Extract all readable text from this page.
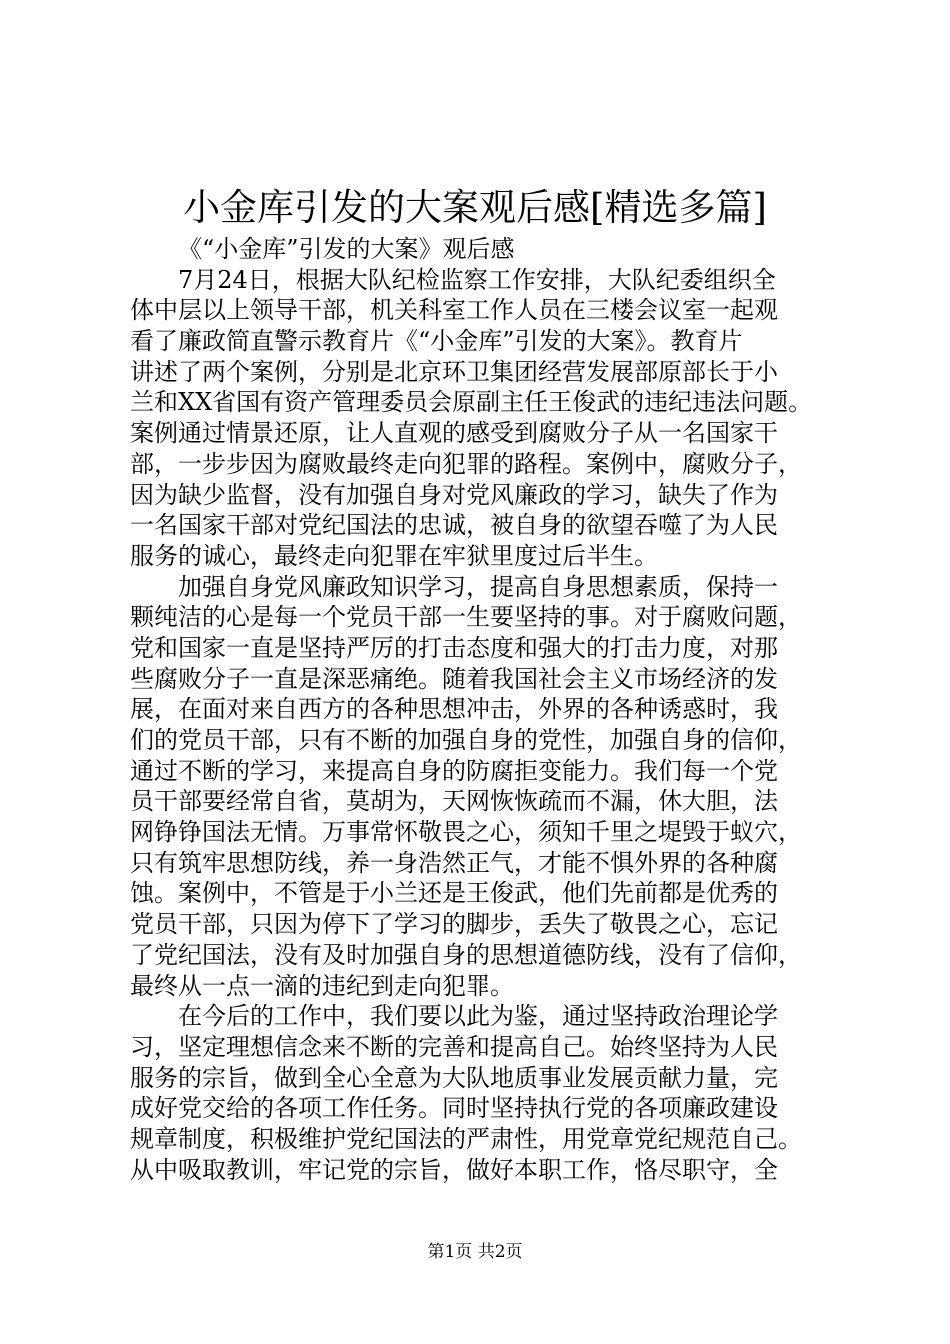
小金库引发的大案观后感[精选多篇]
《“小金库”引发的大案》观后感
7月24日，根据大队纪检监察工作安排，大队纪委组织全
体中层以上领导干部，机关科室工作人员在三楼会议室一起观
看了廉政简直警示教育片《“小金库”引发的大案》。教育片
讲述了两个案例，分别是北京环卫集团经营发展部原部长于小
兰和XX省国有资产管理委员会原副主任王俊武的违纪违法问题。
案例通过情景还原，让人直观的感受到腐败分子从一名国家干
部，一步步因为腐败最终走向犯罪的路程。案例中，腐败分子，
因为缺少监督，没有加强自身对党风廉政的学习，缺失了作为
一名国家干部对党纪国法的忠诚，被自身的欲望吞噬了为人民
服务的诚心，最终走向犯罪在牢狱里度过后半生。
加强自身党风廉政知识学习，提高自身思想素质，保持一
颗纯洁的心是每一个党员干部一生要坚持的事。对于腐败问题，
党和国家一直是坚持严厉的打击态度和强大的打击力度，对那
些腐败分子一直是深恶痛绝。随着我国社会主义市场经济的发
展，在面对来自西方的各种思想冲击，外界的各种诱惑时，我
们的党员干部，只有不断的加强自身的党性，加强自身的信仰，
通过不断的学习，来提高自身的防腐拒变能力。我们每一个党
员干部要经常自省，莫胡为，天网恢恢疏而不漏，休大胆，法
网铮铮国法无情。万事常怀敬畏之心，须知千里之堤毁于蚁穴，
只有筑牢思想防线，养一身浩然正气，才能不惧外界的各种腐
蚀。案例中，不管是于小兰还是王俊武，他们先前都是优秀的
党员干部，只因为停下了学习的脚步，丢失了敬畏之心，忘记
了党纪国法，没有及时加强自身的思想道德防线，没有了信仰，
最终从一点一滴的违纪到走向犯罪。
在今后的工作中，我们要以此为鉴，通过坚持政治理论学
习，坚定理想信念来不断的完善和提高自己。始终坚持为人民
服务的宗旨，做到全心全意为大队地质事业发展贡献力量，完
成好党交给的各项工作任务。同时坚持执行党的各项廉政建设
规章制度，积极维护党纪国法的严肃性，用党章党纪规范自己。
从中吸取教训，牢记党的宗旨，做好本职工作，恪尽职守，全
第1页 共2页
